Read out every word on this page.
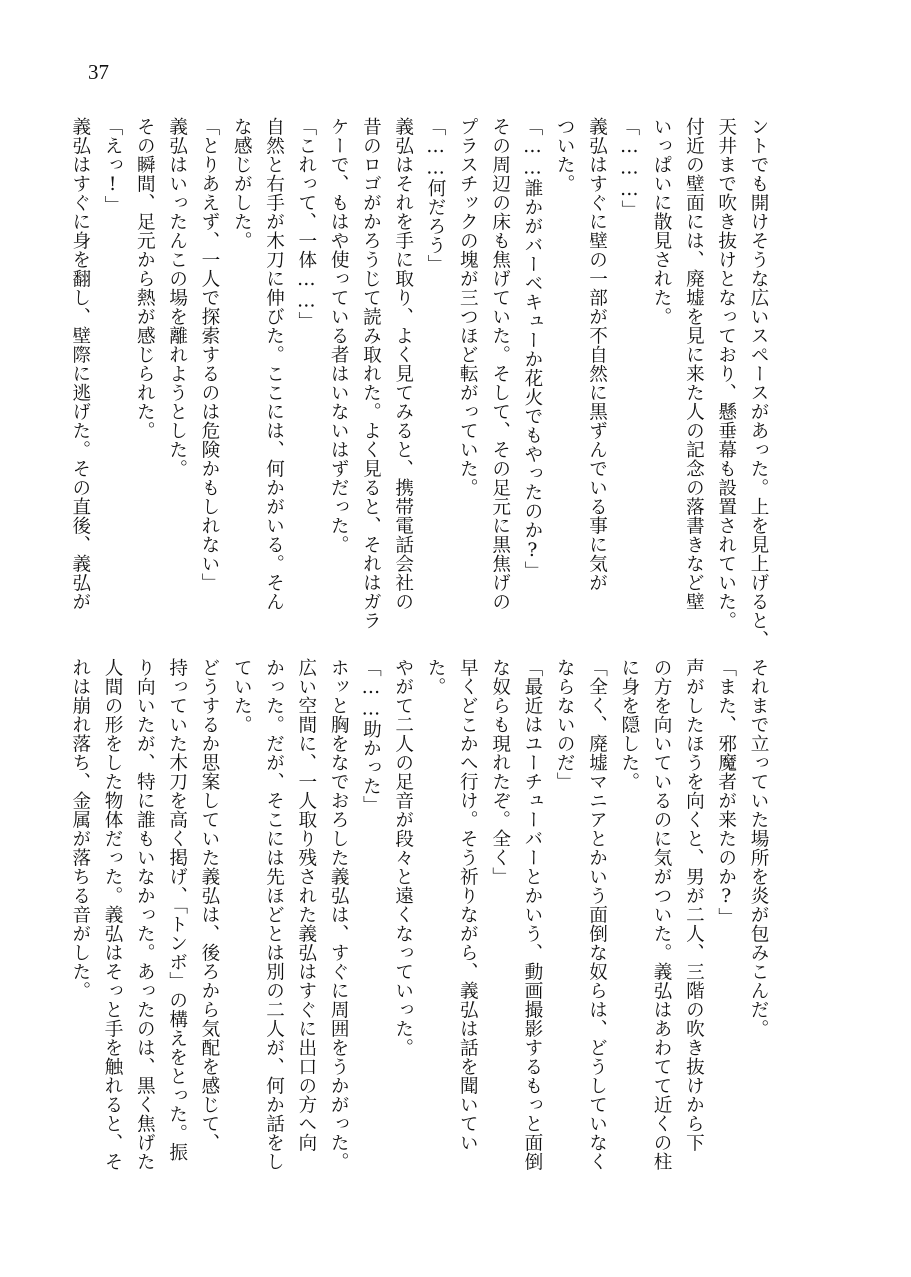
37
ントでも開けそうな広いスペースがあった。上を見上げると、
天井まで吹き抜けとなっており、懸垂幕も設置されていた。
付近の壁面には、廃墟を見に来た人の記念の落書きなど壁
いっぱいに散見された。
「………」
義弘はすぐに壁の一部が不自然に黒ずんでいる事に気が
ついた。
「……誰かがバーベキューか花火でもやったのか?」
その周辺の床も焦げていた。そして、その足元に黒焦げの
プラスチックの塊が三つほど転がっていた。
「……何だろう」
義弘はそれを手に取り、よく見てみると、携帯電話会社の
昔のロゴがかろうじて読み取れた。よく見ると、それはガラ
ケーで、もはや使っている者はいないはずだった。
「これって、一体……」
自然と右手が木刀に伸びた。ここには、何かがいる。そん
な感じがした。
「とりあえず、一人で探索するのは危険かもしれない」
義弘はいったんこの場を離れようとした。
その瞬間、足元から熱が感じられた。
「えっ!」
義弘はすぐに身を翻し、壁際に逃げた。その直後、義弘が
それまで立っていた場所を炎が包みこんだ。
「また、邪魔者が来たのか?」
声がしたほうを向くと、男が二人、三階の吹き抜けから下
の方を向いているのに気がついた。義弘はあわてて近くの柱
に身を隠した。
「全く、廃墟マニアとかいう面倒な奴らは、どうしていなく
ならないのだ」
「最近はユーチューバーとかいう、動画撮影するもっと面倒
な奴らも現れたぞ。全く」
早くどこかへ行け。そう祈りながら、義弘は話を聞いてい
た。
やがて二人の足音が段々と遠くなっていった。
「……助かった」
ホッと胸をなでおろした義弘は、すぐに周囲をうかがった。
広い空間に、一人取り残された義弘はすぐに出口の方へ向
かった。だが、そこには先ほどとは別の二人が、何か話をし
ていた。
どうするか思案していた義弘は、後ろから気配を感じて、
持っていた木刀を高く掲げ、「トンボ」の構えをとった。振
り向いたが、特に誰もいなかった。あったのは、黒く焦げた
人間の形をした物体だった。義弘はそっと手を触れると、そ
れは崩れ落ち、金属が落ちる音がした。
